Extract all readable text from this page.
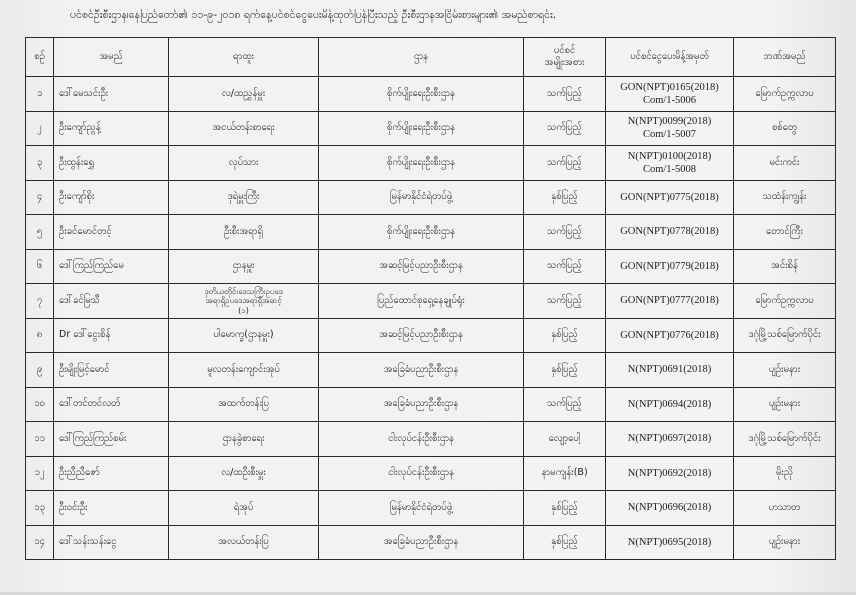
ပင်စင်ဦးစီးဌာန၊နေပြည်တော်၏ ၁၁-၉-၂၀၁၈ ရက်နေ့ပင်စင်ငွေပေးမိန့်ထုတ်ပြန်ပြီးသည့် ဦးစီးဌာနအငြိမ်းစားများ၏ အမည်စာရင်း.
စဉ်	အမည်	ရာထူး	ဌာန	ပင်စင်
အမျိုးအစား	ပင်စင်ငွေပေးမိန့်အမှတ်	ဘဏ်အမည်
၁	ဒေါ်မေသင်းဦး	လ/ထညွှန်မှူး	စိုက်ပျိုးရေးဦးစီးဌာန	သက်ပြည့်	GON(NPT)0165(2018)
Com/1-5006	မြောက်ဥက္ကလာပ
၂	ဦးကျော်ညွန့်	အငယ်တန်းစာရေး	စိုက်ပျိုးရေးဦးစီးဌာန	သက်ပြည့်	N(NPT)0099(2018)
Com/1-5007	စစ်တွေ
၃	ဦးထွန်းရွှေ	လုပ်သား	စိုက်ပျိုးရေးဦးစီးဌာန	သက်ပြည့်	N(NPT)0100(2018)
Com/1-5008	မင်းကင်း
၄	ဦးကျော်စိုး	ဒုရဲမှူးကြီး	မြန်မာနိုင်ငံရဲတပ်ဖွဲ့	နှစ်ပြည့်	GON(NPT)0775(2018)	သထံန်းကျွန်း
၅	ဦးခင်မောင်တင့်	ဦးစီးအရာရှိ	စိုက်ပျိုးရေးဦးစီးဌာန	သက်ပြည့်	GON(NPT)0778(2018)	တောင်ကြီး
၆	ဒေါ်ကြည်ကြည်မေ	ဌာနမှူး	အဆင့်မြင့်ပညာဦးစီးဌာန	သက်ပြည့်	GON(NPT)0779(2018)	အင်းစိန်
၇	ဒေါ်ခင်မြသီ	ဒုတိယတိုင်းဒေသကြီးဥပဒေ
အရာရှိဥပဒေအရာရှိအဆင့်
(၁)	ပြည်ထောင်စုရှေ့နေချုပ်ရုံး	သက်ပြည့်	GON(NPT)0777(2018)	မြောက်ဥက္ကလာပ
၈	Dr ဒေါ်ငွေးစိန်	ပါမောက္ခ(ဌာနမှူး)	အဆင့်မြင့်ပညာဦးစီးဌာန	နှစ်ပြည့်	GON(NPT)0776(2018)	ဒဂုံမြို့သစ်မြောက်ပိုင်း
၉	ဦးမျိုးမြင့်မောင်	မူလတန်းကျောင်းအုပ်	အခြေခံပညာဦးစီးဌာန	နှစ်ပြည့်	N(NPT)0691(2018)	ပျဉ်းမနား
၁၀	ဒေါ်တင်တင်လတ်	အထက်တန်းပြ	အခြေခံပညာဦးစီးဌာန	သက်ပြည့်	N(NPT)0694(2018)	ပျဉ်းမနား
၁၁	ဒေါ်ကြည်ကြည်စမ်း	ဌာနခွဲစာရေး	ငါးလုပ်ငန်းဦးစီးဌာန	လျော့ပေါ့	N(NPT)0697(2018)	ဒဂုံမြို့သစ်မြောက်ပိုင်း
၁၂	ဦးညီညီဇော်	လ/ထဦးစီးမှူး	ငါးလုပ်ငန်းဦးစီးဌာန	နာမကျန်း(B)	N(NPT)0692(2018)	မိုးညို
၁၃	ဦးဝင်းဦး	ရဲအုပ်	မြန်မာနိုင်ငံရဲတပ်ဖွဲ့	နှစ်ပြည့်	N(NPT)0696(2018)	ဟသာတ
၁၄	ဒေါ်သန်းသန်းငွေ	အလယ်တန်းပြ	အခြေခံပညာဦးစီးဌာန	နှစ်ပြည့်	N(NPT)0695(2018)	ပျဉ်းမနား
